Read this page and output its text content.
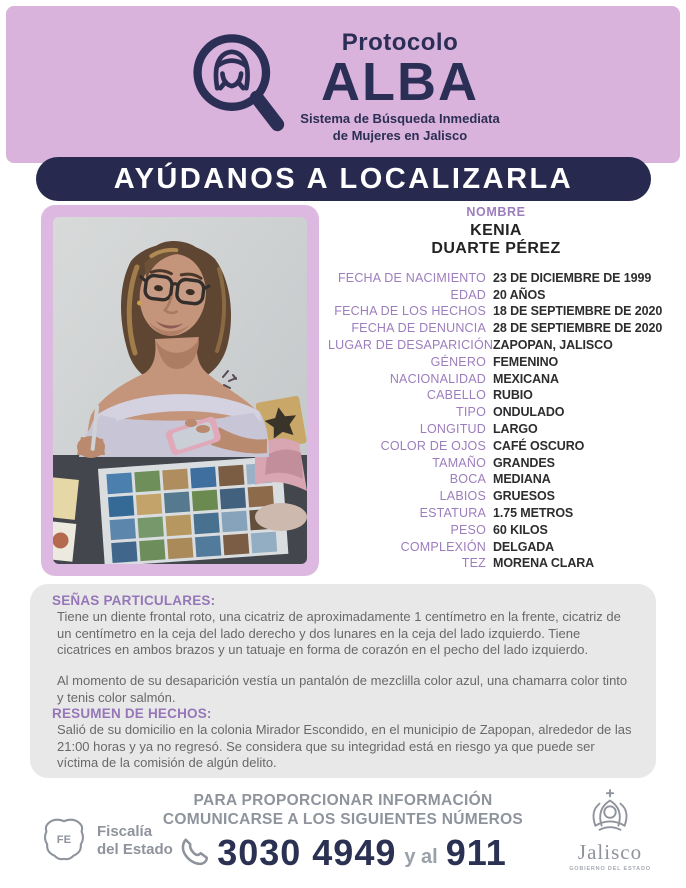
Protocolo
ALBA
Sistema de Búsqueda Inmediata
de Mujeres en Jalisco
AYÚDANOS A LOCALIZARLA
NOMBRE
KENIA
DUARTE PÉREZ
FECHA DE NACIMIENTO 23 DE DICIEMBRE DE 1999
EDAD 20 AÑOS
FECHA DE LOS HECHOS 18 DE SEPTIEMBRE DE 2020
FECHA DE DENUNCIA 28 DE SEPTIEMBRE DE 2020
LUGAR DE DESAPARICIÓN ZAPOPAN, JALISCO
GÉNERO FEMENINO
NACIONALIDAD MEXICANA
CABELLO RUBIO
TIPO ONDULADO
LONGITUD LARGO
COLOR DE OJOS CAFÉ OSCURO
TAMAÑO GRANDES
BOCA MEDIANA
LABIOS GRUESOS
ESTATURA 1.75 METROS
PESO 60 KILOS
COMPLEXIÓN DELGADA
TEZ MORENA CLARA
SEÑAS PARTICULARES:
Tiene un diente frontal roto, una cicatriz de aproximadamente 1 centímetro en la frente, cicatriz de un centímetro en la ceja del lado derecho y dos lunares en la ceja del lado izquierdo. Tiene cicatrices en ambos brazos y un tatuaje en forma de corazón en el pecho del lado izquierdo.
Al momento de su desaparición vestía un pantalón de mezclilla color azul, una chamarra color tinto y tenis color salmón.
RESUMEN DE HECHOS:
Salió de su domicilio en la colonia Mirador Escondido, en el municipio de Zapopan, alrededor de las 21:00 horas y ya no regresó. Se considera que su integridad está en riesgo ya que puede ser víctima de la comisión de algún delito.
FE Fiscalía
del Estado
PARA PROPORCIONAR INFORMACIÓN
COMUNICARSE A LOS SIGUIENTES NÚMEROS
3030 4949 y al 911	Jalisco
GOBIERNO DEL ESTADO
